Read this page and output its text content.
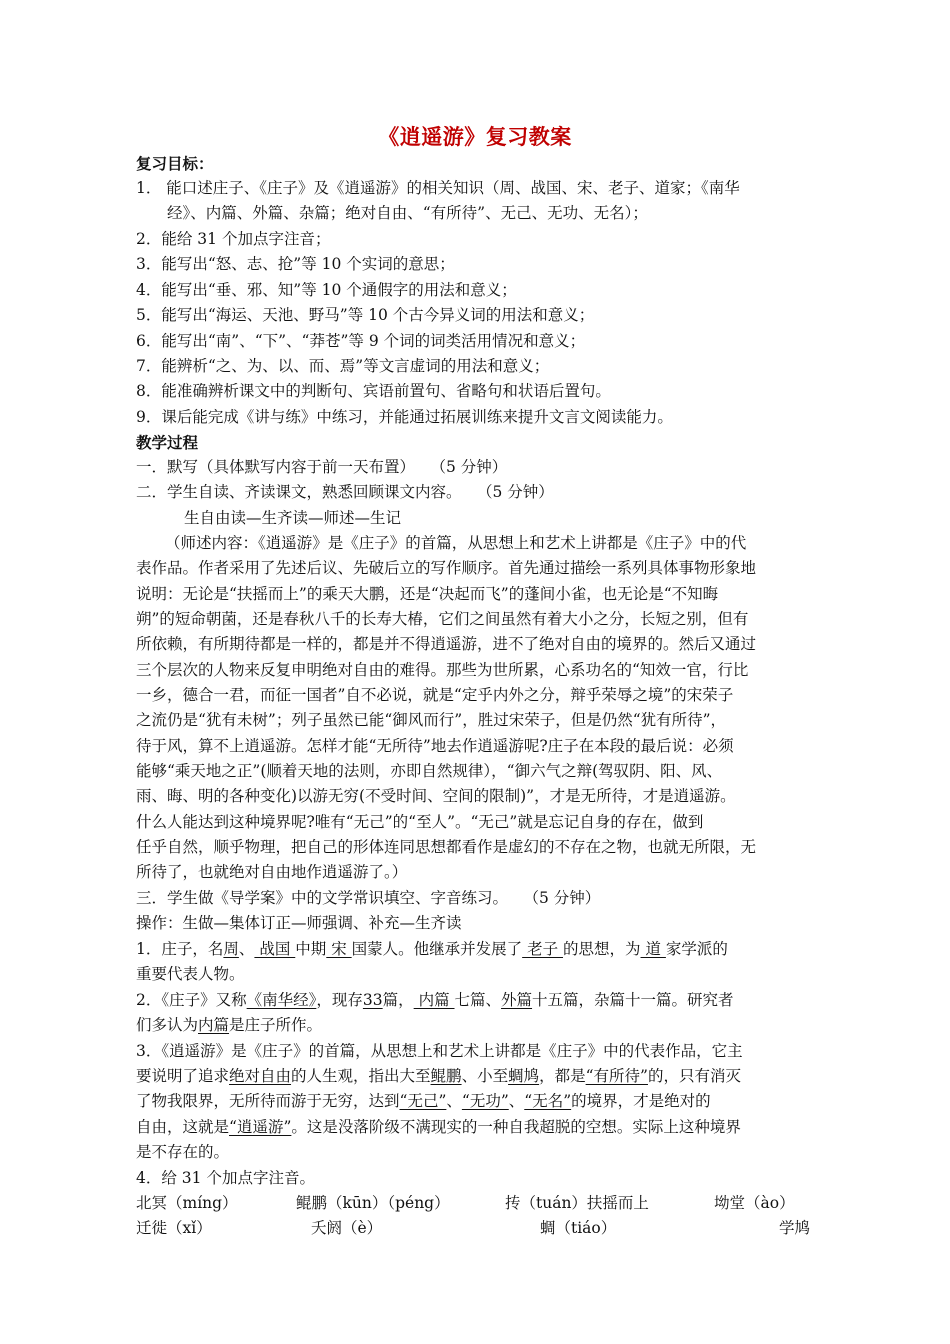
《逍遥游》复习教案
复习目标：
1． 能口述庄子、《庄子》及《逍遥游》的相关知识（周、战国、宋、老子、道家；《南华
经》、内篇、外篇、杂篇；绝对自由、“有所待”、无己、无功、无名）；
2．能给 31 个加点字注音；
3．能写出“怒、志、抢”等 10 个实词的意思；
4．能写出“垂、邪、知”等 10 个通假字的用法和意义；
5．能写出“海运、天池、野马”等 10 个古今异义词的用法和意义；
6．能写出“南”、“下”、“莽苍”等 9 个词的词类活用情况和意义；
7．能辨析“之、为、以、而、焉”等文言虚词的用法和意义；
8．能准确辨析课文中的判断句、宾语前置句、省略句和状语后置句。
9．课后能完成《讲与练》中练习，并能通过拓展训练来提升文言文阅读能力。
教学过程
一．默写（具体默写内容于前一天布置）　　（5 分钟）
二．学生自读、齐读课文，熟悉回顾课文内容。　　（5 分钟）
生自由读—生齐读—师述—生记
（师述内容：《逍遥游》是《庄子》的首篇，从思想上和艺术上讲都是《庄子》中的代
表作品。作者采用了先述后议、先破后立的写作顺序。首先通过描绘一系列具体事物形象地
说明：无论是“扶摇而上”的乘天大鹏，还是“决起而飞”的蓬间小雀，也无论是“不知晦
朔”的短命朝菌，还是春秋八千的长寿大椿，它们之间虽然有着大小之分，长短之别，但有
所依赖，有所期待都是一样的，都是并不得逍遥游，进不了绝对自由的境界的。然后又通过
三个层次的人物来反复申明绝对自由的难得。那些为世所累，心系功名的“知效一官，行比
一乡，德合一君，而征一国者”自不必说，就是“定乎内外之分，辩乎荣辱之境”的宋荣子
之流仍是“犹有未树”；列子虽然已能“御风而行”，胜过宋荣子，但是仍然“犹有所待”，
待于风，算不上逍遥游。怎样才能“无所待”地去作逍遥游呢?庄子在本段的最后说：必须
能够“乘天地之正”(顺着天地的法则，亦即自然规律），“御六气之辩(驾驭阴、阳、风、
雨、晦、明的各种变化)以游无穷(不受时间、空间的限制)”，才是无所待，才是逍遥游。
什么人能达到这种境界呢?唯有“无己”的“至人”。“无己”就是忘记自身的存在，做到
任乎自然，顺乎物理，把自己的形体连同思想都看作是虚幻的不存在之物，也就无所限，无
所待了，也就绝对自由地作逍遥游了。）
三．学生做《导学案》中的文学常识填空、字音练习。　　（5 分钟）
操作：生做—集体订正—师强调、补充—生齐读
1．庄子，名周、 战国 中期 宋 国蒙人。他继承并发展了 老子 的思想，为 道 家学派的
重要代表人物。
2．《庄子》又称《南华经》，现存33篇， 内篇 七篇、外篇十五篇，杂篇十一篇。研究者
们多认为内篇是庄子所作。
3．《逍遥游》是《庄子》的首篇，从思想上和艺术上讲都是《庄子》中的代表作品，它主
要说明了追求绝对自由的人生观，指出大至鲲鹏、小至蜩鸠，都是“有所待”的，只有消灭
了物我限界，无所待而游于无穷，达到“无己”、“无功”、“无名”的境界，才是绝对的
自由，这就是“逍遥游”。这是没落阶级不满现实的一种自我超脱的空想。实际上这种境界
是不存在的。
4．给 31 个加点字注音。
北冥（míng）	鲲鹏（kūn）（péng）	抟（tuán）扶摇而上	坳堂（ào）
迁徙（xǐ）	夭阏（è）	蜩（tiáo）	学鸠
